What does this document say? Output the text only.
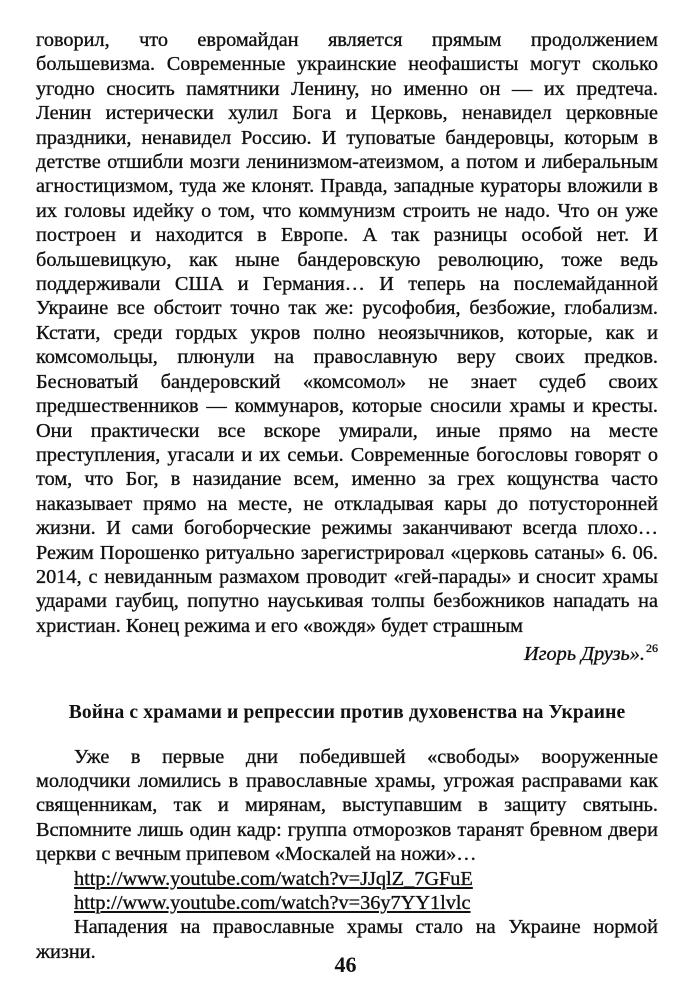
говорил, что евромайдан является прямым продолжением большевизма. Современные украинские неофашисты могут сколько угодно сносить памятники Ленину, но именно он — их предтеча. Ленин истерически хулил Бога и Церковь, ненавидел церковные праздники, ненавидел Россию. И туповатые бандеровцы, которым в детстве отшибли мозги ленинизмом-атеизмом, а потом и либеральным агностицизмом, туда же клонят. Правда, западные кураторы вложили в их головы идейку о том, что коммунизм строить не надо. Что он уже построен и находится в Европе. А так разницы особой нет. И большевицкую, как ныне бандеровскую революцию, тоже ведь поддерживали США и Германия… И теперь на послемайданной Украине все обстоит точно так же: русофобия, безбожие, глобализм. Кстати, среди гордых укров полно неоязычников, которые, как и комсомольцы, плюнули на православную веру своих предков. Бесноватый бандеровский «комсомол» не знает судеб своих предшественников — коммунаров, которые сносили храмы и кресты. Они практически все вскоре умирали, иные прямо на месте преступления, угасали и их семьи. Современные богословы говорят о том, что Бог, в назидание всем, именно за грех кощунства часто наказывает прямо на месте, не откладывая кары до потусторонней жизни. И сами богоборческие режимы заканчивают всегда плохо… Режим Порошенко ритуально зарегистрировал «церковь сатаны» 6. 06. 2014, с невиданным размахом проводит «гей-парады» и сносит храмы ударами гаубиц, попутно науськивая толпы безбожников нападать на христиан. Конец режима и его «вождя» будет страшным

Игорь Друзь».$^{26}$

Война с храмами и репрессии против духовенства на Украине

Уже в первые дни победившей «свободы» вооруженные молодчики ломились в православные храмы, угрожая расправами как священникам, так и мирянам, выступавшим в защиту святынь. Вспомните лишь один кадр: группа отморозков таранят бревном двери церкви с вечным припевом «Москалей на ножи»…

http://www.youtube.com/watch?v=JJqlZ_7GFuE
http://www.youtube.com/watch?v=36y7YY1lvlc

Нападения на православные храмы стало на Украине нормой жизни.

46
